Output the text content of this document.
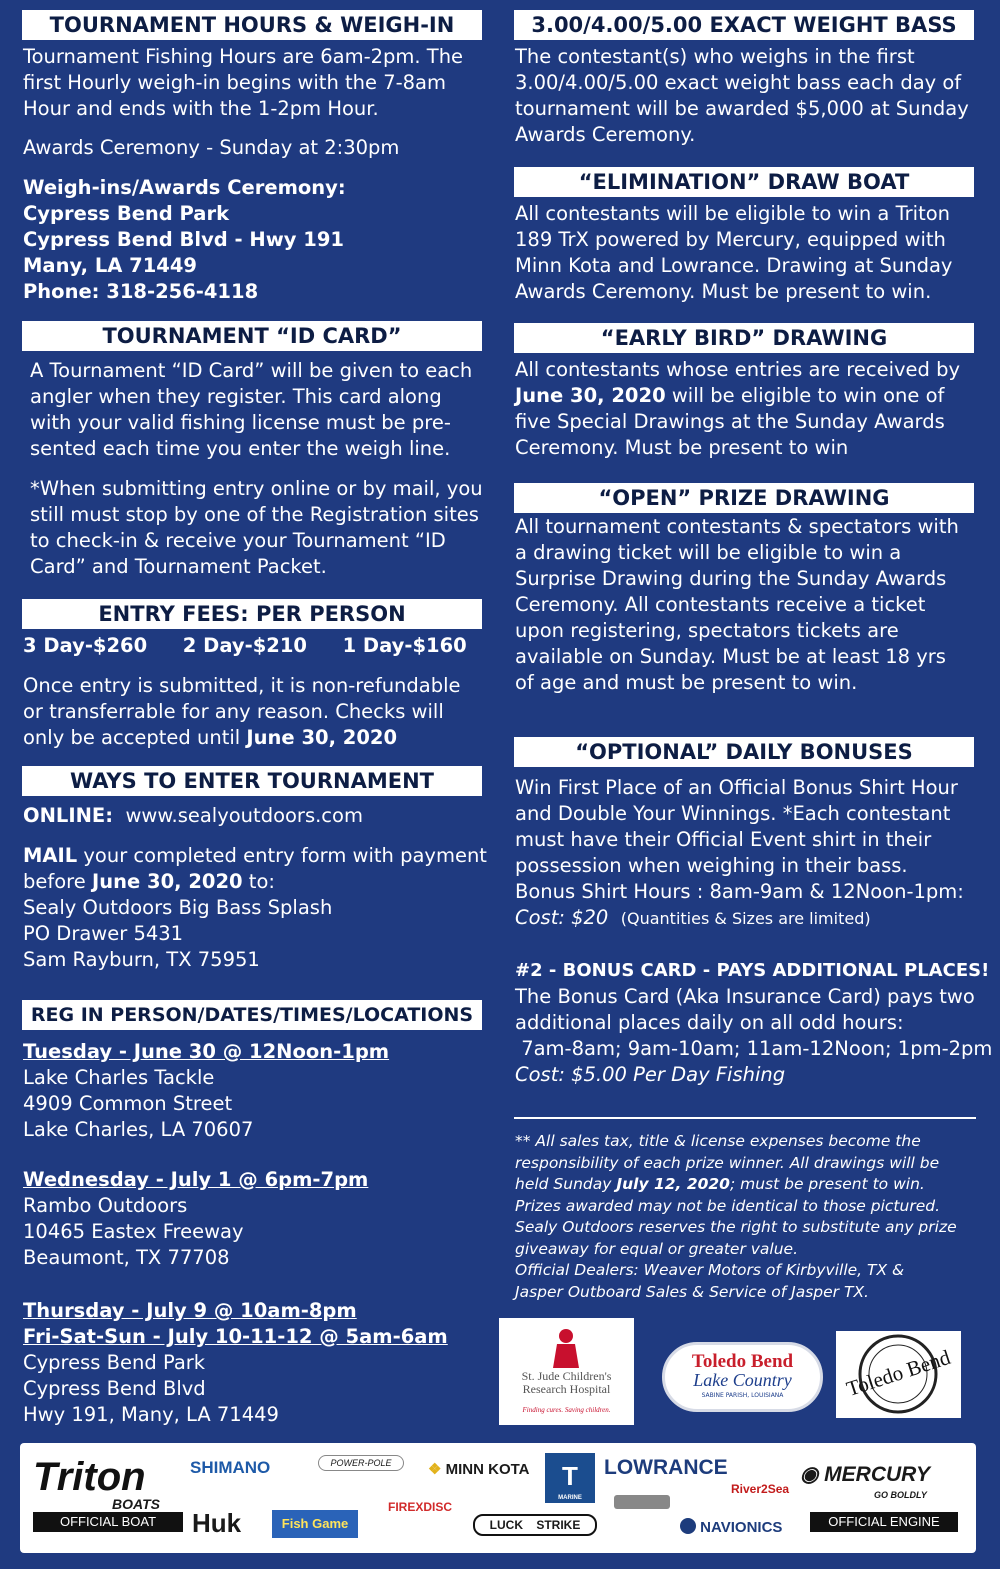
TOURNAMENT HOURS & WEIGH-IN
Tournament Fishing Hours are 6am-2pm. The
first Hourly weigh-in begins with the 7-8am
Hour and ends with the 1-2pm Hour.
Awards Ceremony - Sunday at 2:30pm
Weigh-ins/Awards Ceremony:
Cypress Bend Park
Cypress Bend Blvd - Hwy 191
Many, LA 71449
Phone: 318-256-4118
TOURNAMENT “ID CARD”
A Tournament “ID Card” will be given to each
angler when they register. This card along
with your valid fishing license must be pre-
sented each time you enter the weigh line.
*When submitting entry online or by mail, you
still must stop by one of the Registration sites
to check-in & receive your Tournament “ID
Card” and Tournament Packet.
ENTRY FEES: PER PERSON
3 Day-$260 2 Day-$210 1 Day-$160
Once entry is submitted, it is non-refundable
or transferrable for any reason. Checks will
only be accepted until June 30, 2020
WAYS TO ENTER TOURNAMENT
ONLINE: www.sealyoutdoors.com
MAIL your completed entry form with payment
before June 30, 2020 to:
Sealy Outdoors Big Bass Splash
PO Drawer 5431
Sam Rayburn, TX 75951
REG IN PERSON/DATES/TIMES/LOCATIONS
Tuesday - June 30 @ 12Noon-1pm
Lake Charles Tackle
4909 Common Street
Lake Charles, LA 70607
Wednesday - July 1 @ 6pm-7pm
Rambo Outdoors
10465 Eastex Freeway
Beaumont, TX 77708
Thursday - July 9 @ 10am-8pm
Fri-Sat-Sun - July 10-11-12 @ 5am-6am
Cypress Bend Park
Cypress Bend Blvd
Hwy 191, Many, LA 71449
3.00/4.00/5.00 EXACT WEIGHT BASS
The contestant(s) who weighs in the first
3.00/4.00/5.00 exact weight bass each day of
tournament will be awarded $5,000 at Sunday
Awards Ceremony.
“ELIMINATION” DRAW BOAT
All contestants will be eligible to win a Triton
189 TrX powered by Mercury, equipped with
Minn Kota and Lowrance. Drawing at Sunday
Awards Ceremony. Must be present to win.
“EARLY BIRD” DRAWING
All contestants whose entries are received by
June 30, 2020 will be eligible to win one of
five Special Drawings at the Sunday Awards
Ceremony. Must be present to win
“OPEN” PRIZE DRAWING
All tournament contestants & spectators with
a drawing ticket will be eligible to win a
Surprise Drawing during the Sunday Awards
Ceremony. All contestants receive a ticket
upon registering, spectators tickets are
available on Sunday. Must be at least 18 yrs
of age and must be present to win.
“OPTIONAL” DAILY BONUSES
Win First Place of an Official Bonus Shirt Hour
and Double Your Winnings. *Each contestant
must have their Official Event shirt in their
possession when weighing in their bass.
Bonus Shirt Hours : 8am-9am & 12Noon-1pm:
Cost: $20 (Quantities & Sizes are limited)
#2 - BONUS CARD - PAYS ADDITIONAL PLACES!
The Bonus Card (Aka Insurance Card) pays two
additional places daily on all odd hours:
7am-8am; 9am-10am; 11am-12Noon; 1pm-2pm
Cost: $5.00 Per Day Fishing
** All sales tax, title & license expenses become the
responsibility of each prize winner. All drawings will be
held Sunday July 12, 2020; must be present to win.
Prizes awarded may not be identical to those pictured.
Sealy Outdoors reserves the right to substitute any prize
giveaway for equal or greater value.
Official Dealers: Weaver Motors of Kirbyville, TX &
Jasper Outboard Sales & Service of Jasper TX.
St. Jude Children's
Research Hospital
Finding cures. Saving children.
Toledo Bend
Lake Country
SABINE PARISH, LOUISIANA	Toledo Bend
Triton
BOATS
OFFICIAL BOAT
SHIMANO
Huk
POWER-POLE
Fish Game
FIREXDISC
❖ MINN KOTA
LUCK    STRIKE
T
MARINE
LOWRANCE
NAVIONICS
River2Sea
◉ MERCURY
GO BOLDLY
OFFICIAL ENGINE
